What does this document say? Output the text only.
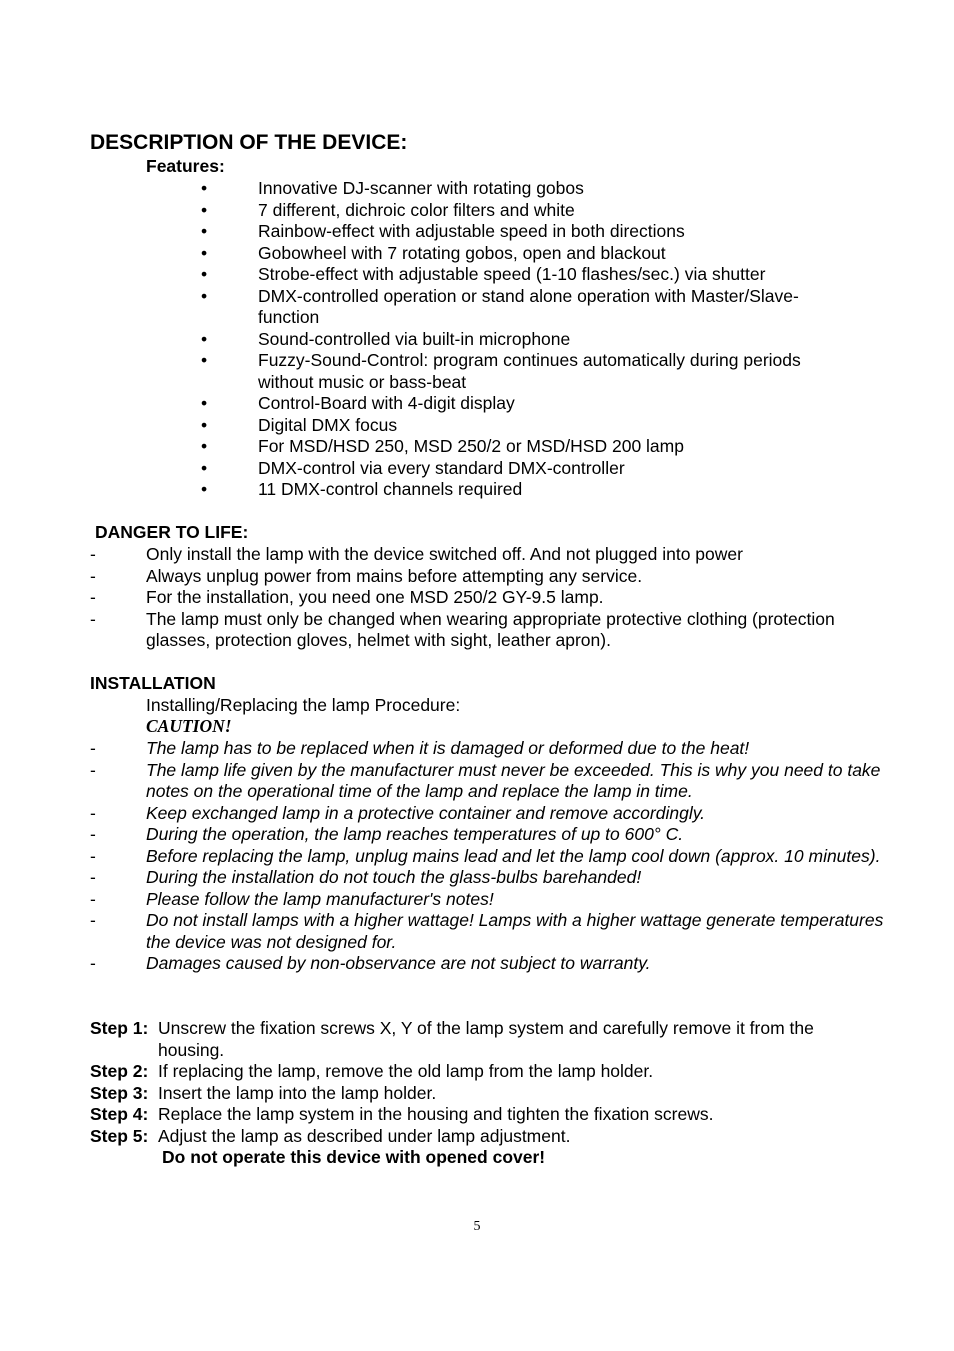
DESCRIPTION OF THE DEVICE:

Features:

•	Innovative DJ-scanner with rotating gobos
•	7 different, dichroic color filters and white
•	Rainbow-effect with adjustable speed in both directions
•	Gobowheel with 7 rotating gobos, open and blackout
•	Strobe-effect with adjustable speed (1-10 flashes/sec.) via shutter
•	DMX-controlled operation or stand alone operation with Master/Slave-function
•	Sound-controlled via built-in microphone
•	Fuzzy-Sound-Control: program continues automatically during periods without music or bass-beat
•	Control-Board with 4-digit display
•	Digital DMX focus
•	For MSD/HSD 250, MSD 250/2 or MSD/HSD 200 lamp
•	DMX-control via every standard DMX-controller
•	11 DMX-control channels required

DANGER TO LIFE:

-	Only install the lamp with the device switched off. And not plugged into power
-	Always unplug power from mains before attempting any service.
-	For the installation, you need one MSD 250/2 GY-9.5 lamp.
-	The lamp must only be changed when wearing appropriate protective clothing (protection glasses, protection gloves, helmet with sight, leather apron).

INSTALLATION

Installing/Replacing the lamp Procedure:

CAUTION!

-	The lamp has to be replaced when it is damaged or deformed due to the heat!
-	The lamp life given by the manufacturer must never be exceeded. This is why you need to take notes on the operational time of the lamp and replace the lamp in time.
-	Keep exchanged lamp in a protective container and remove accordingly.
-	During the operation, the lamp reaches temperatures of up to 600° C.
-	Before replacing the lamp, unplug mains lead and let the lamp cool down (approx. 10 minutes).
-	During the installation do not touch the glass-bulbs barehanded!
-	Please follow the lamp manufacturer's notes!
-	Do not install lamps with a higher wattage! Lamps with a higher wattage generate temperatures the device was not designed for.
-	Damages caused by non-observance are not subject to warranty.
Step 1: Unscrew the fixation screws X, Y of the lamp system and carefully remove it from the housing.
Step 2: If replacing the lamp, remove the old lamp from the lamp holder.
Step 3: Insert the lamp into the lamp holder.
Step 4: Replace the lamp system in the housing and tighten the fixation screws.
Step 5: Adjust the lamp as described under lamp adjustment.

Do not operate this device with opened cover!

5
